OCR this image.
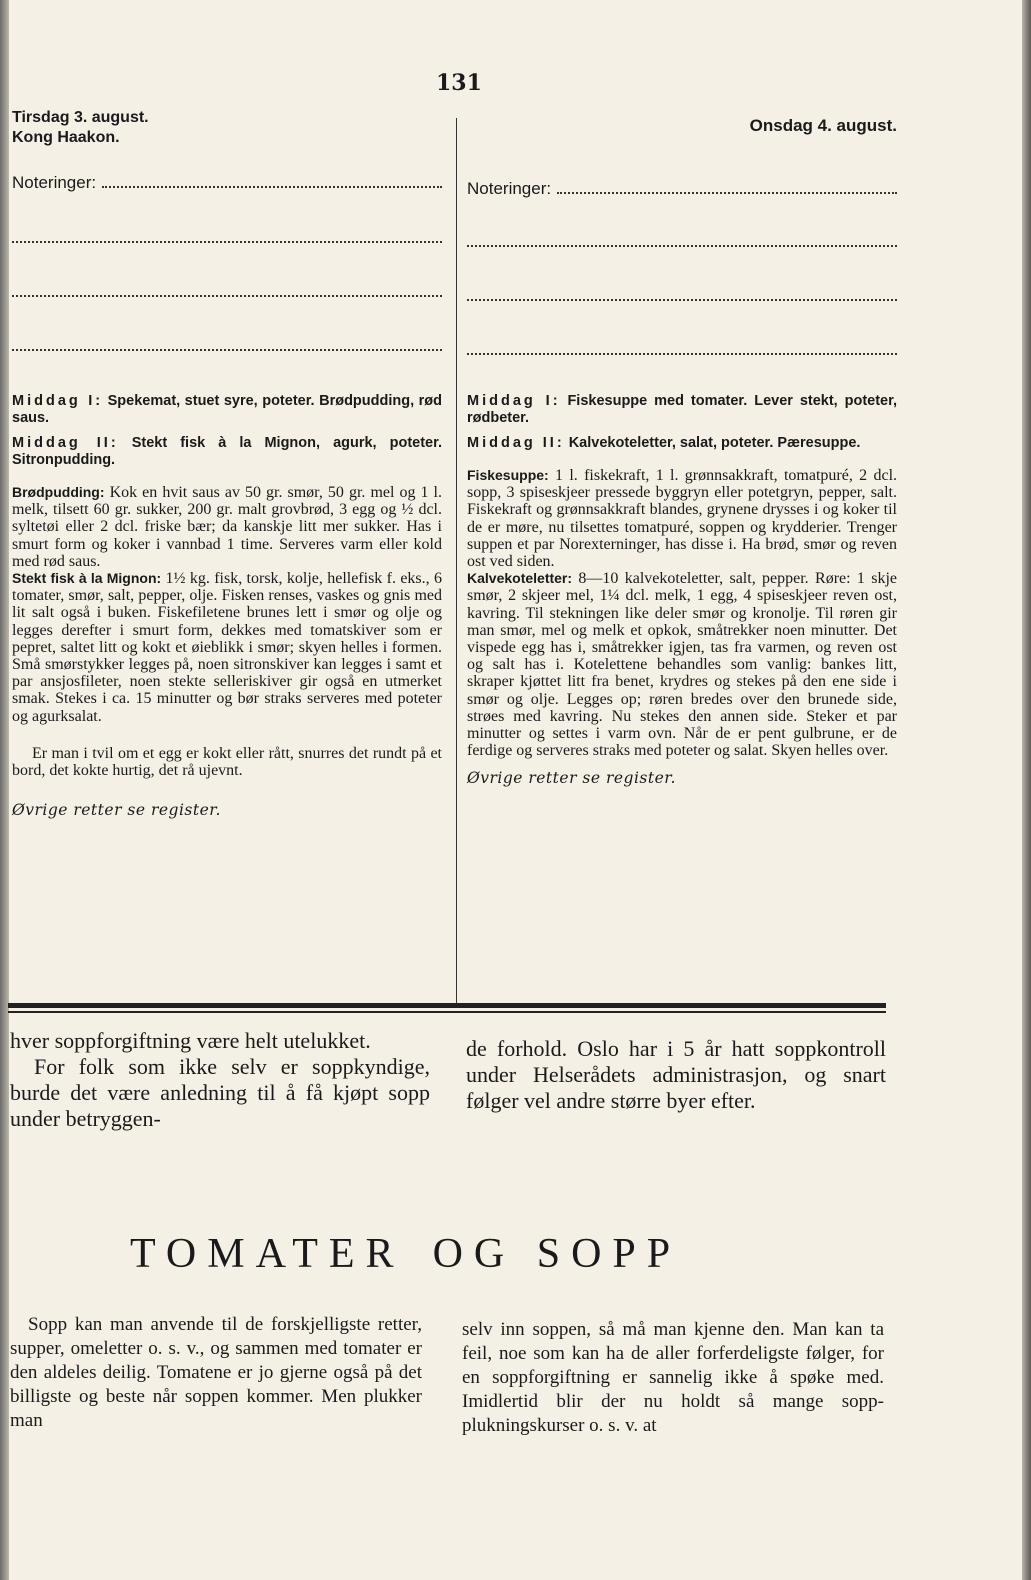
131
Tirsdag 3. august.
Kong Haakon.
Noteringer:
Middag I: Spekemat, stuet syre, poteter. Brødpudding, rød saus.
Middag II: Stekt fisk à la Mignon, agurk, poteter. Sitronpudding.

Brødpudding: Kok en hvit saus av 50 gr. smør, 50 gr. mel og 1 l. melk, tilsett 60 gr. sukker, 200 gr. malt grovbrød, 3 egg og ½ dcl. syltetøi eller 2 dcl. friske bær; da kanskje litt mer sukker. Has i smurt form og koker i vannbad 1 time. Serveres varm eller kold med rød saus.

Stekt fisk à la Mignon: 1½ kg. fisk, torsk, kolje, hellefisk f. eks., 6 tomater, smør, salt, pepper, olje. Fisken renses, vaskes og gnis med lit salt også i buken. Fiskefiletene brunes lett i smør og olje og legges derefter i smurt form, dekkes med tomatskiver som er pepret, saltet litt og kokt et øieblikk i smør; skyen helles i formen. Små smørstykker legges på, noen sitronskiver kan legges i samt et par ansjosfileter, noen stekte selleriskiver gir også en utmerket smak. Stekes i ca. 15 minutter og bør straks serveres med poteter og agurksalat.

Er man i tvil om et egg er kokt eller rått, snurres det rundt på et bord, det kokte hurtig, det rå ujevnt.

Øvrige retter se register.
Onsdag 4. august.
Noteringer:
Middag I: Fiskesuppe med tomater. Lever stekt, poteter, rødbeter.
Middag II: Kalvekoteletter, salat, poteter. Pæresuppe.

Fiskesuppe: 1 l. fiskekraft, 1 l. grønnsakkraft, tomatpuré, 2 dcl. sopp, 3 spiseskjeer pressede byggryn eller potetgryn, pepper, salt. Fiskekraft og grønnsakkraft blandes, grynene drysses i og koker til de er møre, nu tilsettes tomatpuré, soppen og krydderier. Trenger suppen et par Norexterninger, has disse i. Ha brød, smør og reven ost ved siden.

Kalvekoteletter: 8—10 kalvekoteletter, salt, pepper. Røre: 1 skje smør, 2 skjeer mel, 1¼ dcl. melk, 1 egg, 4 spiseskjeer reven ost, kavring. Til stekningen like deler smør og kronolje. Til røren gir man smør, mel og melk et opkok, småtrekker noen minutter. Det vispede egg has i, småtrekker igjen, tas fra varmen, og reven ost og salt has i. Kotelettene behandles som vanlig: bankes litt, skraper kjøttet litt fra benet, krydres og stekes på den ene side i smør og olje. Legges op; røren bredes over den brunede side, strøes med kavring. Nu stekes den annen side. Steker et par minutter og settes i varm ovn. Når de er pent gulbrune, er de ferdige og serveres straks med poteter og salat. Skyen helles over.

Øvrige retter se register.

hver soppforgiftning være helt utelukket.

For folk som ikke selv er soppkyndige, burde det være anledning til å få kjøpt sopp under betryggen-

de forhold. Oslo har i 5 år hatt soppkontroll under Helserådets administrasjon, og snart følger vel andre større byer efter.

TOMATER OG SOPP

Sopp kan man anvende til de forskjelligste retter, supper, omeletter o. s. v., og sammen med tomater er den aldeles deilig. Tomatene er jo gjerne også på det billigste og beste når soppen kommer. Men plukker man

selv inn soppen, så må man kjenne den. Man kan ta feil, noe som kan ha de aller forferdeligste følger, for en soppforgiftning er sannelig ikke å spøke med. Imidlertid blir der nu holdt så mange sopp-plukningskurser o. s. v. at
